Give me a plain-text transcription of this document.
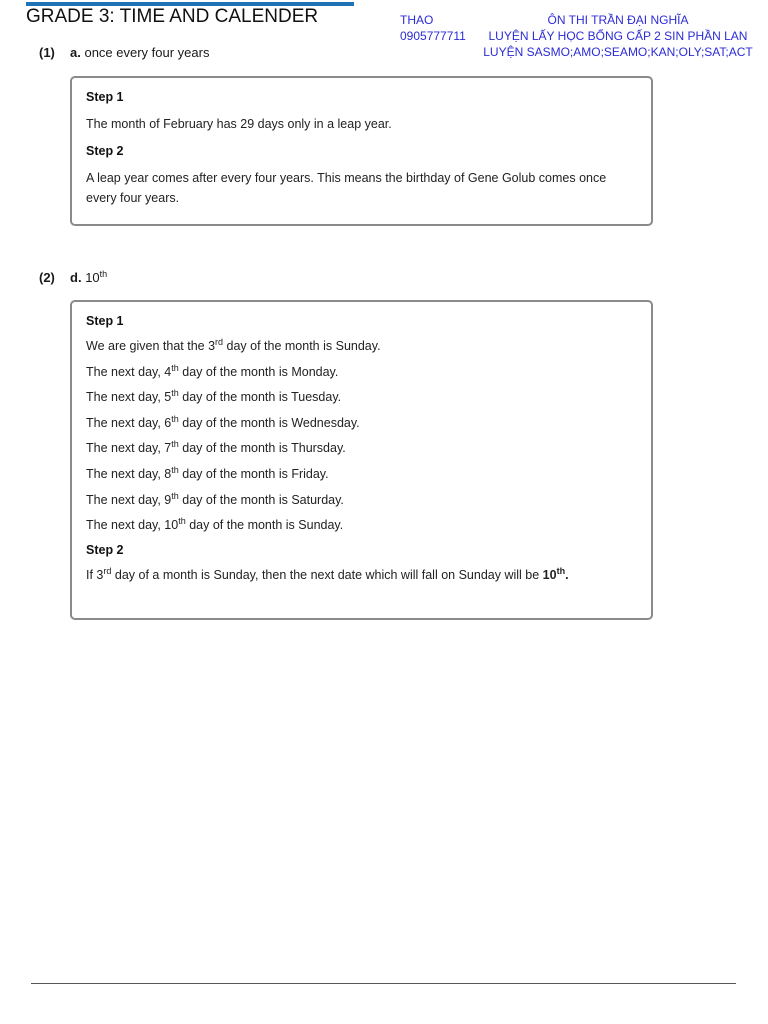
GRADE 3: TIME AND CALENDER	THAO
0905777711
ÔN THI TRẦN ĐẠI NGHĨA
LUYỆN LẤY HỌC BỔNG CẤP 2 SIN PHẦN LAN
LUYỆN SASMO;AMO;SEAMO;KAN;OLY;SAT;ACT
(1) a. once every four years
Step 1
The month of February has 29 days only in a leap year.
Step 2
A leap year comes after every four years. This means the birthday of Gene Golub comes once every four years.
(2) d. 10th
Step 1
We are given that the 3rd day of the month is Sunday.
The next day, 4th day of the month is Monday.
The next day, 5th day of the month is Tuesday.
The next day, 6th day of the month is Wednesday.
The next day, 7th day of the month is Thursday.
The next day, 8th day of the month is Friday.
The next day, 9th day of the month is Saturday.
The next day, 10th day of the month is Sunday.
Step 2
If 3rd day of a month is Sunday, then the next date which will fall on Sunday will be 10th.
